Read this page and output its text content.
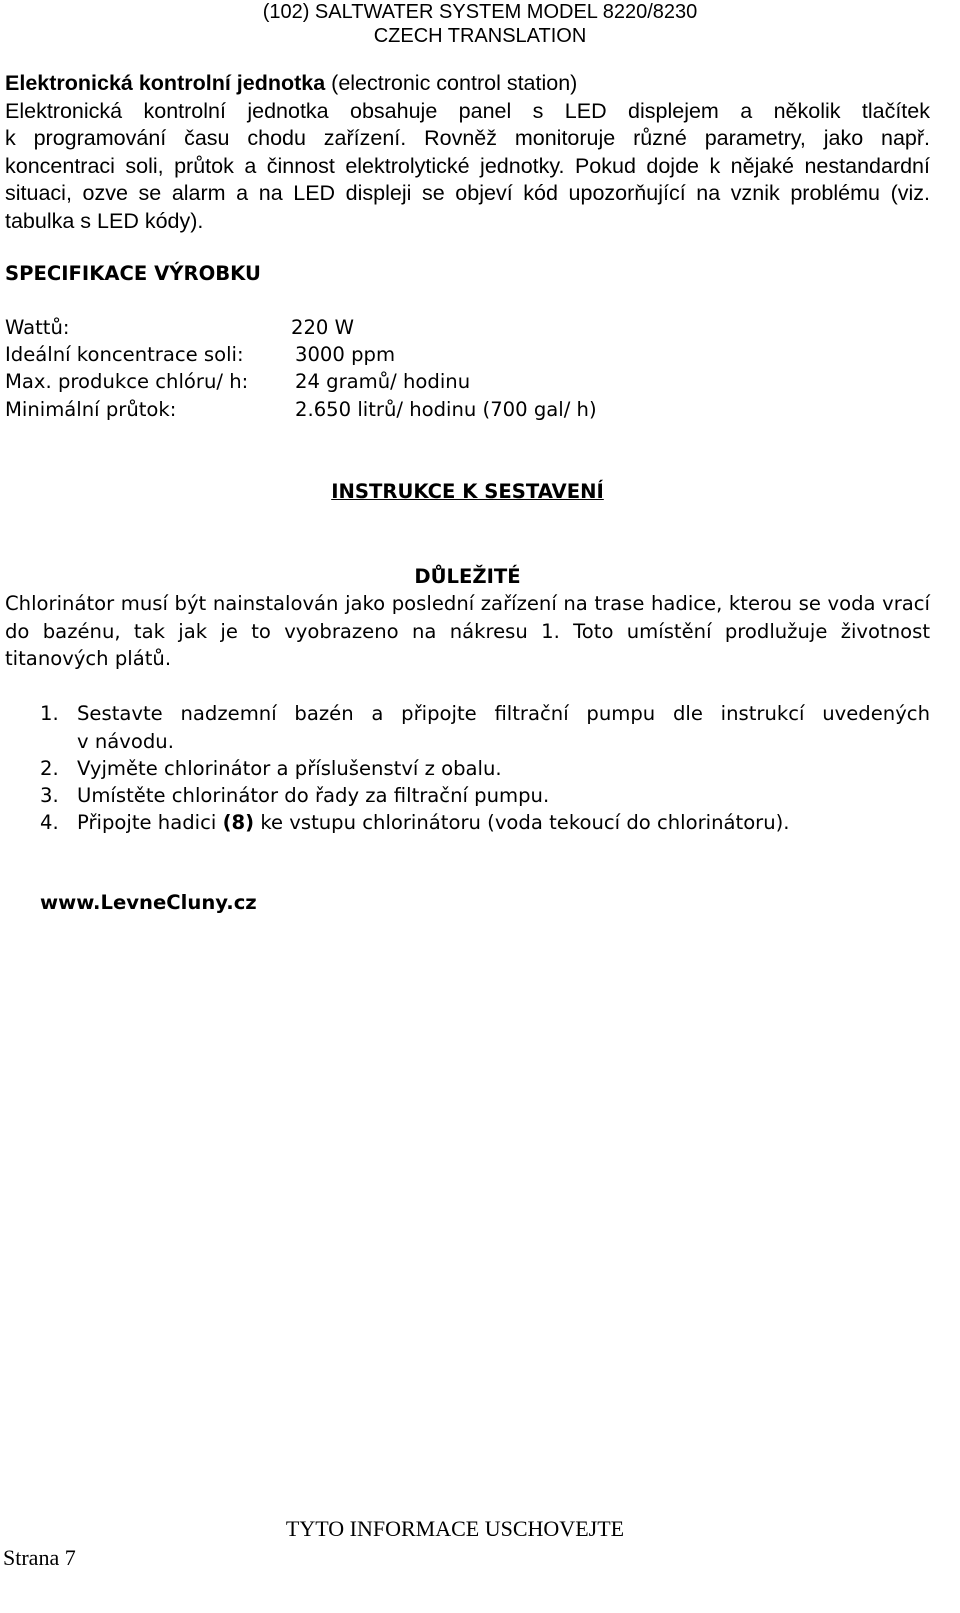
(102) SALTWATER SYSTEM MODEL 8220/8230
CZECH TRANSLATION
Elektronická kontrolní jednotka (electronic control station)
Elektronická kontrolní jednotka obsahuje panel s LED displejem a několik tlačítek
k programování času chodu zařízení. Rovněž monitoruje různé parametry, jako např.
koncentraci soli, průtok a činnost elektrolytické jednotky. Pokud dojde k nějaké nestandardní
situaci, ozve se alarm a na LED displeji se objeví kód upozorňující na vznik problému (viz.
tabulka s LED kódy).
SPECIFIKACE VÝROBKU
Wattů:	220 W
Ideální koncentrace soli:	3000 ppm
Max. produkce chlóru/ h: 24 gramů/ hodinu
Minimální průtok:	2.650 litrů/ hodinu (700 gal/ h)
INSTRUKCE K SESTAVENÍ
DŮLEŽITÉ
Chlorinátor musí být nainstalován jako poslední zařízení na trase hadice, kterou se voda vrací
do bazénu, tak jak je to vyobrazeno na nákresu 1. Toto umístění prodlužuje životnost
titanových plátů.
1. Sestavte nadzemní bazén a připojte filtrační pumpu dle instrukcí uvedených
v návodu.
2. Vyjměte chlorinátor a příslušenství z obalu.
3. Umístěte chlorinátor do řady za filtrační pumpu.
4. Připojte hadici (8) ke vstupu chlorinátoru (voda tekoucí do chlorinátoru).
www.LevneCluny.cz
TYTO INFORMACE USCHOVEJTE
Strana 7
